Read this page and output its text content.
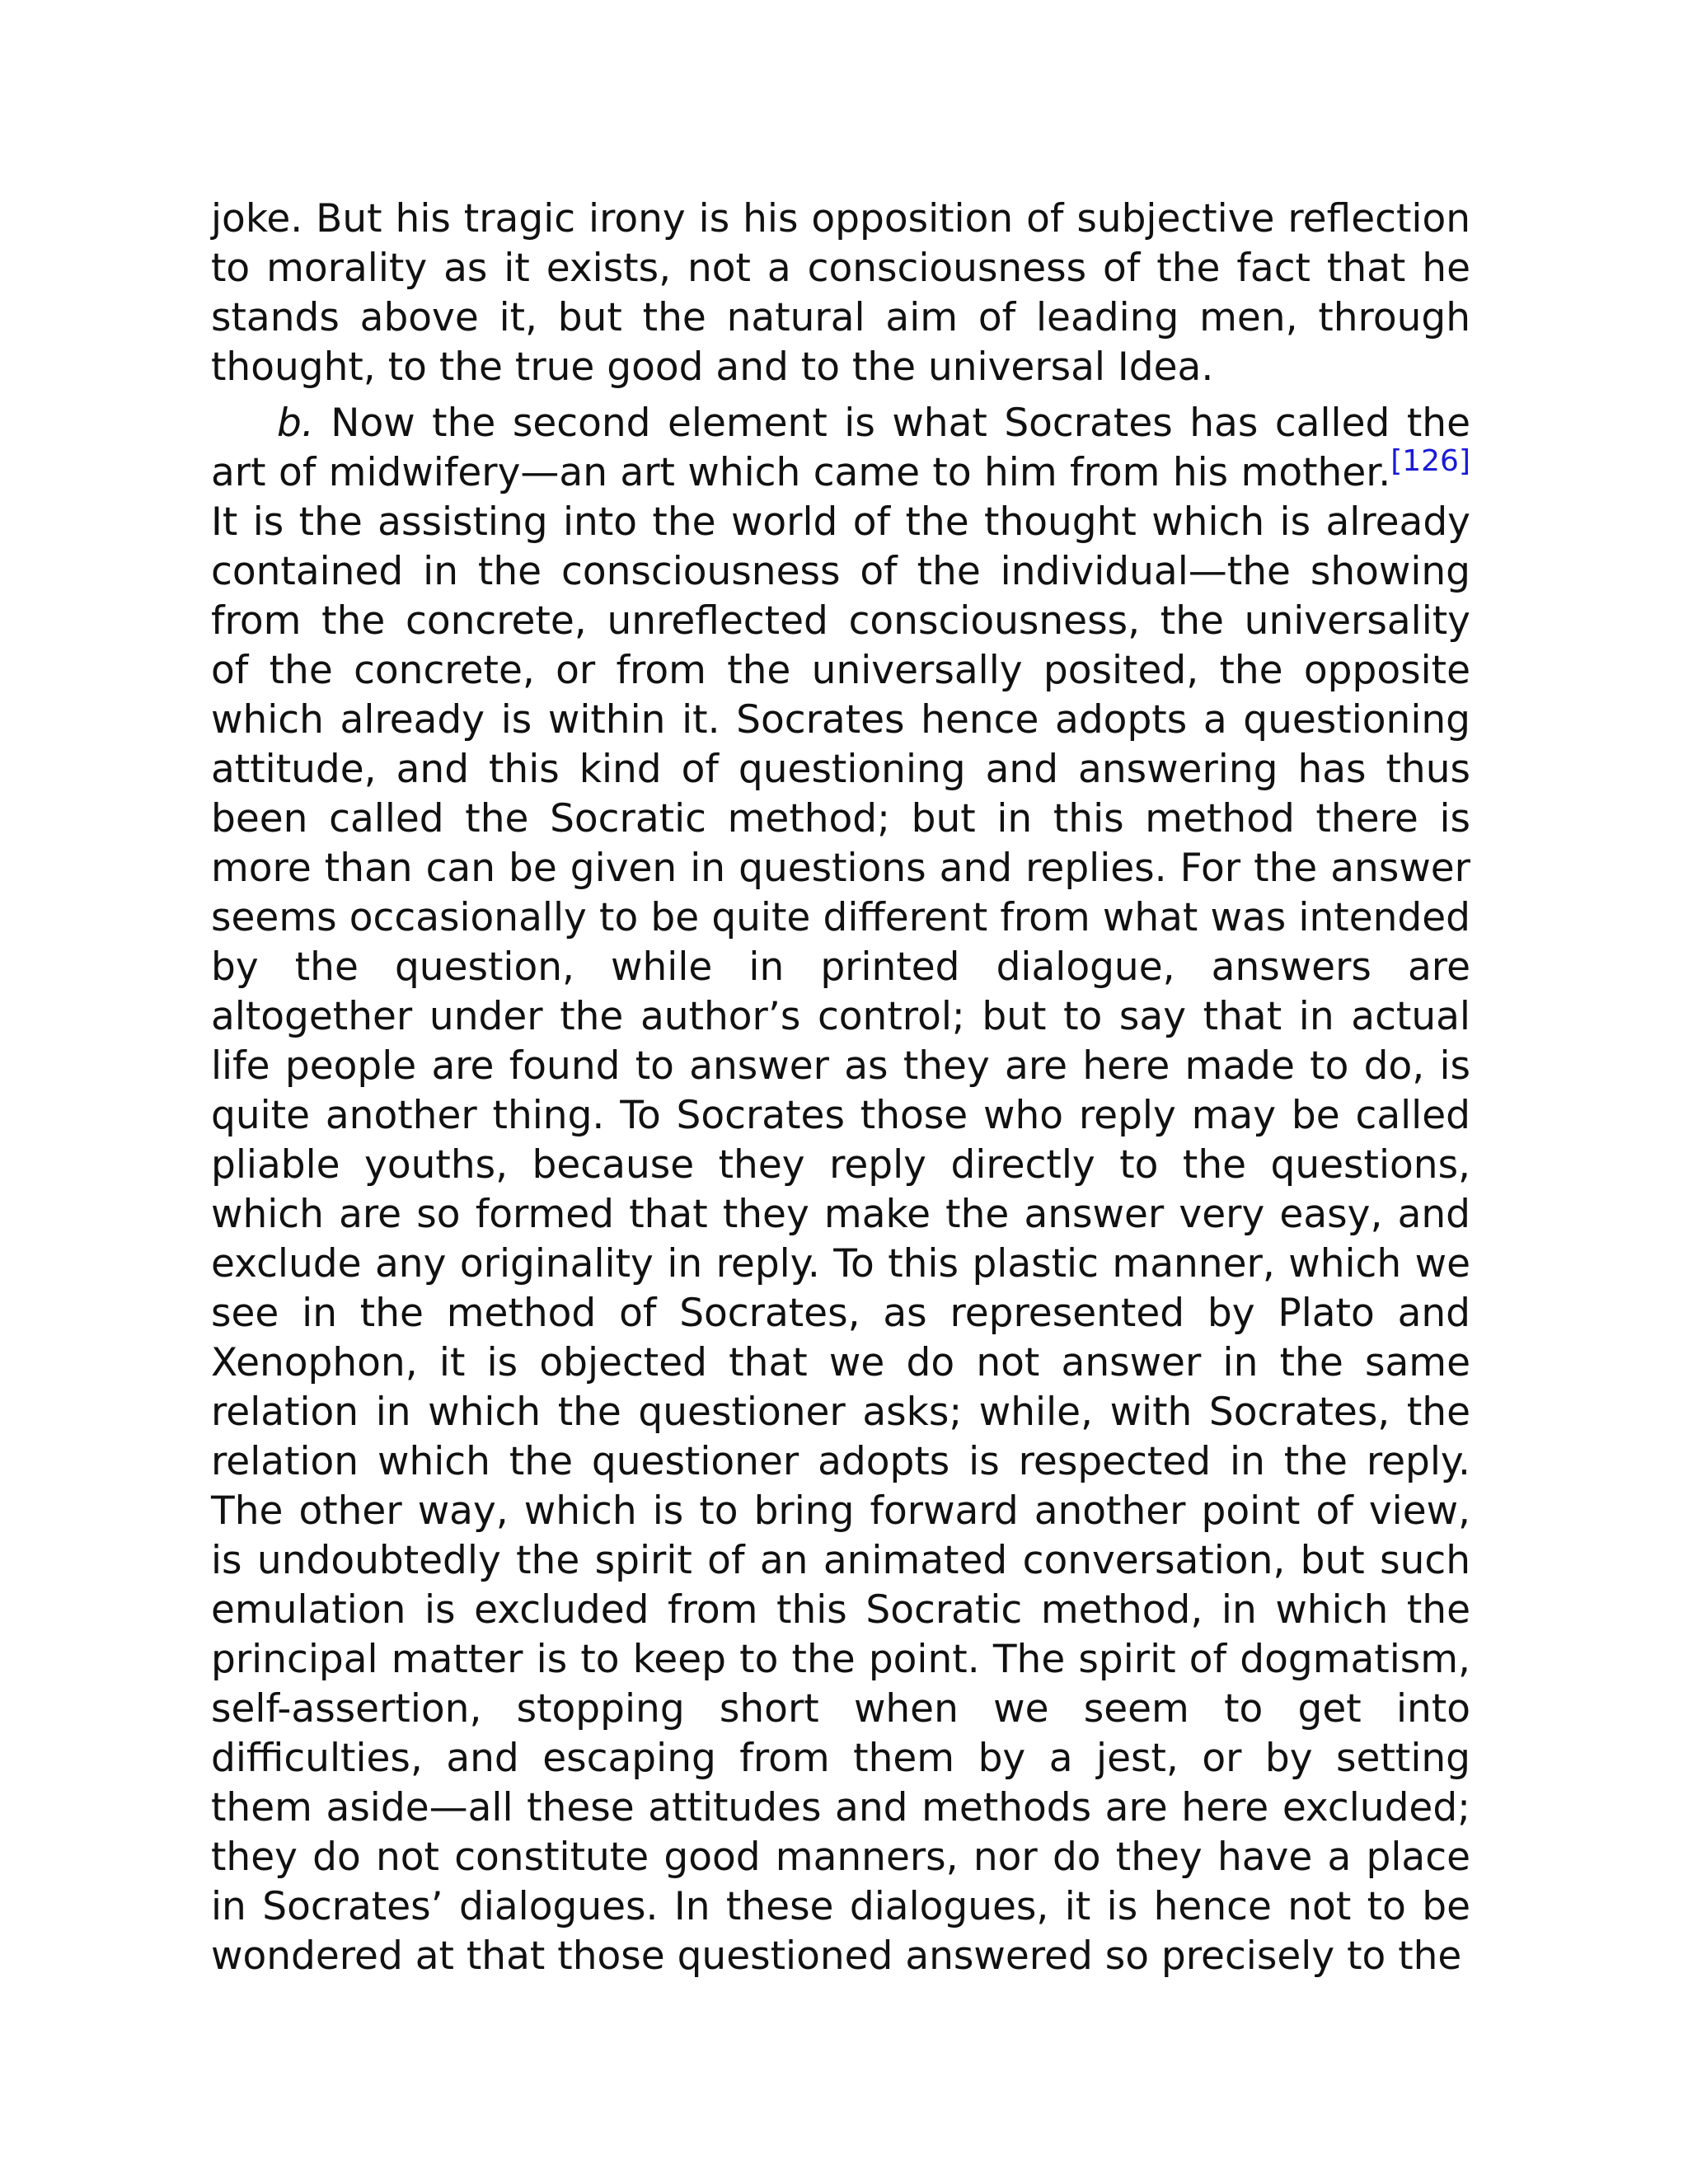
joke. But his tragic irony is his opposition of subjective reflection to morality as it exists, not a consciousness of the fact that he stands above it, but the natural aim of leading men, through thought, to the true good and to the universal Idea.

b. Now the second element is what Socrates has called the art of midwifery—an art which came to him from his mother.[126] It is the assisting into the world of the thought which is already contained in the consciousness of the individual—the showing from the concrete, unreflected consciousness, the universality of the concrete, or from the universally posited, the opposite which already is within it. Socrates hence adopts a questioning attitude, and this kind of questioning and answering has thus been called the Socratic method; but in this method there is more than can be given in questions and replies. For the answer seems occasionally to be quite different from what was intended by the question, while in printed dialogue, answers are altogether under the author’s control; but to say that in actual life people are found to answer as they are here made to do, is quite another thing. To Socrates those who reply may be called pliable youths, because they reply directly to the questions, which are so formed that they make the answer very easy, and exclude any originality in reply. To this plastic manner, which we see in the method of Socrates, as represented by Plato and Xenophon, it is objected that we do not answer in the same relation in which the questioner asks; while, with Socrates, the relation which the questioner adopts is respected in the reply. The other way, which is to bring forward another point of view, is undoubtedly the spirit of an animated conversation, but such emulation is excluded from this Socratic method, in which the principal matter is to keep to the point. The spirit of dogmatism, self-assertion, stopping short when we seem to get into difficulties, and escaping from them by a jest, or by setting them aside—all these attitudes and methods are here excluded; they do not constitute good manners, nor do they have a place in Socrates’ dialogues. In these dialogues, it is hence not to be wondered at that those questioned answered so precisely to the
